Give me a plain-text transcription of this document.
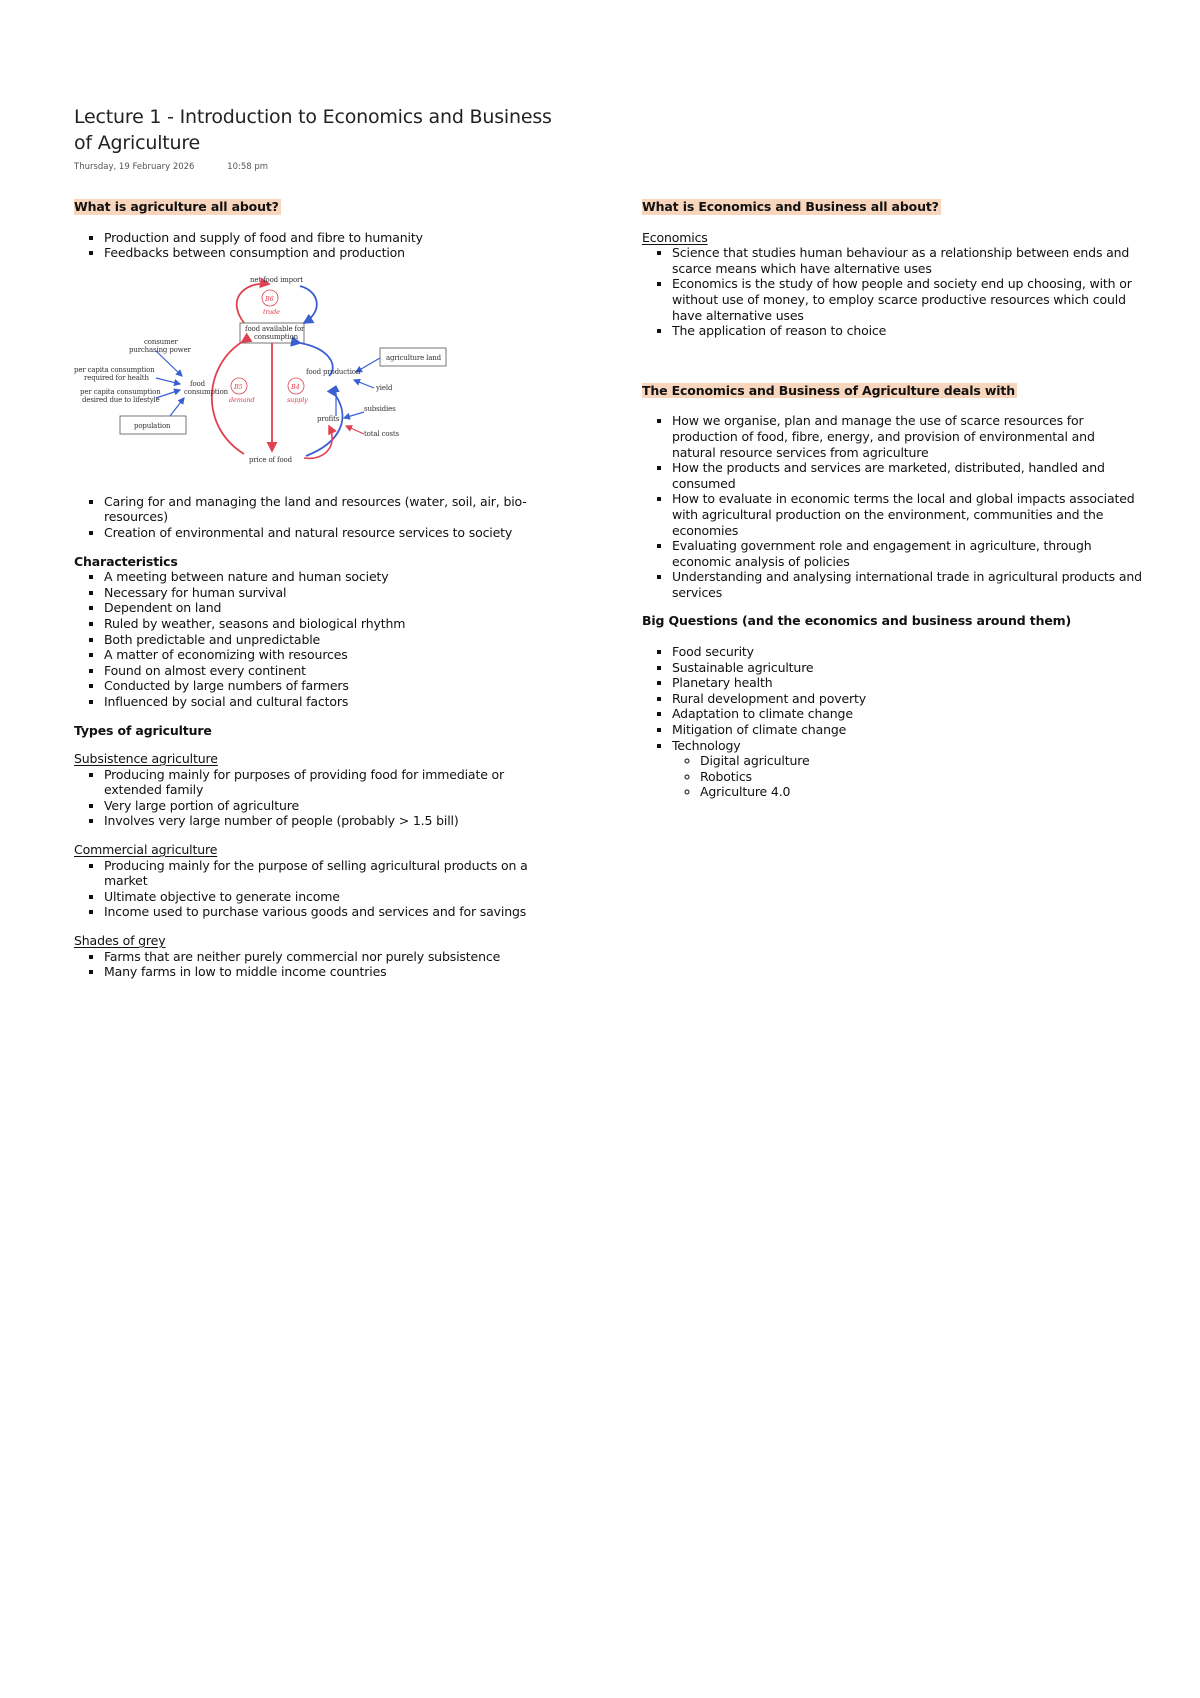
Lecture 1 - Introduction to Economics and Business of Agriculture
Thursday, 19 February 2026	10:58 pm
What is agriculture all about?
▪ Production and supply of food and fibre to humanity
▪ Feedbacks between consumption and production
net food import
B6
trade
food available for
consumption
consumer
purchasing power
agriculture land
per capita consumption
required for health
food production
food
consumption
B5
demand
B4
supply
yield
per capita consumption
desired due to lifestyle
subsidies
profits
population
total costs
price of food
▪ Caring for and managing the land and resources (water, soil, air, bio-resources)
▪ Creation of environmental and natural resource services to society
Characteristics
▪ A meeting between nature and human society
▪ Necessary for human survival
▪ Dependent on land
▪ Ruled by weather, seasons and biological rhythm
▪ Both predictable and unpredictable
▪ A matter of economizing with resources
▪ Found on almost every continent
▪ Conducted by large numbers of farmers
▪ Influenced by social and cultural factors
Types of agriculture
Subsistence agriculture
▪ Producing mainly for purposes of providing food for immediate or extended family
▪ Very large portion of agriculture
▪ Involves very large number of people (probably > 1.5 bill)
Commercial agriculture
▪ Producing mainly for the purpose of selling agricultural products on a market
▪ Ultimate objective to generate income
▪ Income used to purchase various goods and services and for savings
Shades of grey
▪ Farms that are neither purely commercial nor purely subsistence
▪ Many farms in low to middle income countries
What is Economics and Business all about?
Economics
▪ Science that studies human behaviour as a relationship between ends and scarce means which have alternative uses
▪ Economics is the study of how people and society end up choosing, with or without use of money, to employ scarce productive resources which could have alternative uses
▪ The application of reason to choice
The Economics and Business of Agriculture deals with
▪ How we organise, plan and manage the use of scarce resources for production of food, fibre, energy, and provision of environmental and natural resource services from agriculture
▪ How the products and services are marketed, distributed, handled and consumed
▪ How to evaluate in economic terms the local and global impacts associated with agricultural production on the environment, communities and the economies
▪ Evaluating government role and engagement in agriculture, through economic analysis of policies
▪ Understanding and analysing international trade in agricultural products and services
Big Questions (and the economics and business around them)
▪ Food security
▪ Sustainable agriculture
▪ Planetary health
▪ Rural development and poverty
▪ Adaptation to climate change
▪ Mitigation of climate change
▪ Technology
◦ Digital agriculture
◦ Robotics
◦ Agriculture 4.0
